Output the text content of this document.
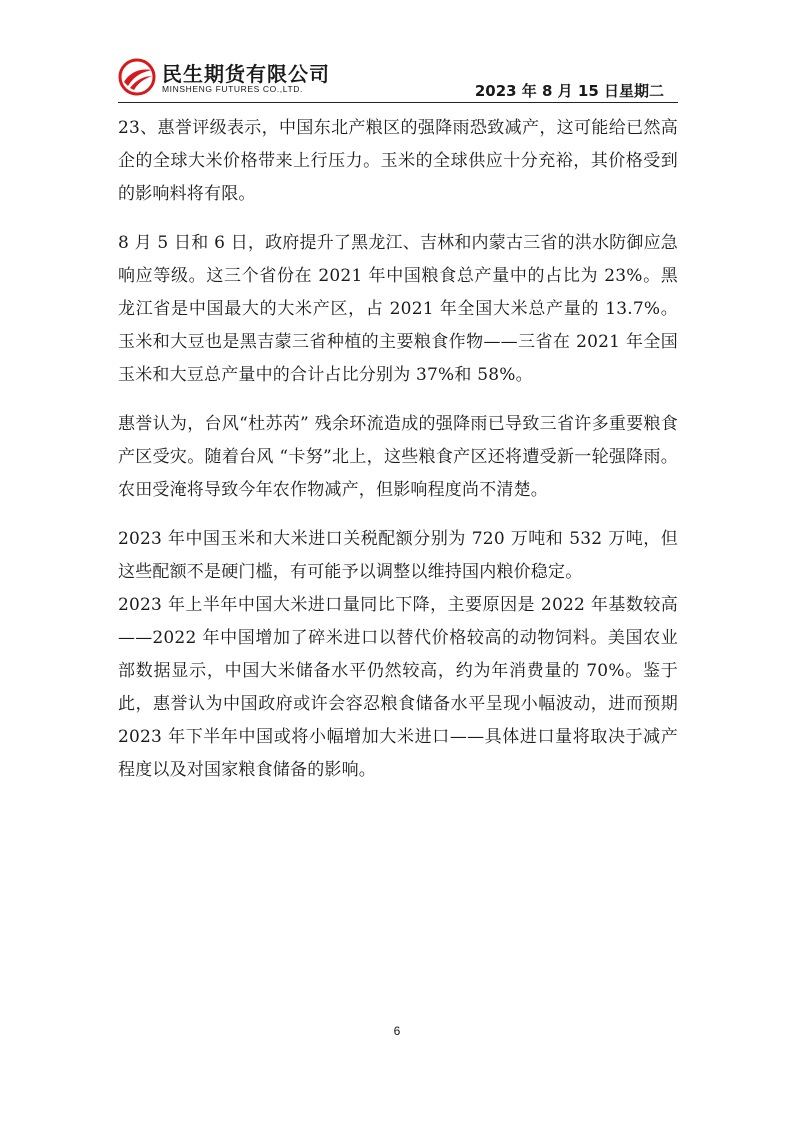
民生期货有限公司
MINSHENG FUTURES CO.,LTD.	2023 年 8 月 15 日星期二

23、惠誉评级表示，中国东北产粮区的强降雨恐致减产，这可能给已然高企的全球大米价格带来上行压力。玉米的全球供应十分充裕，其价格受到的影响料将有限。

8 月 5 日和 6 日，政府提升了黑龙江、吉林和内蒙古三省的洪水防御应急响应等级。这三个省份在 2021 年中国粮食总产量中的占比为 23%。黑龙江省是中国最大的大米产区，占 2021 年全国大米总产量的 13.7%。玉米和大豆也是黑吉蒙三省种植的主要粮食作物——三省在 2021 年全国玉米和大豆总产量中的合计占比分别为 37%和 58%。

惠誉认为，台风“杜苏芮” 残余环流造成的强降雨已导致三省许多重要粮食产区受灾。随着台风 “卡努”北上，这些粮食产区还将遭受新一轮强降雨。农田受淹将导致今年农作物减产，但影响程度尚不清楚。

2023 年中国玉米和大米进口关税配额分别为 720 万吨和 532 万吨，但这些配额不是硬门槛，有可能予以调整以维持国内粮价稳定。

2023 年上半年中国大米进口量同比下降，主要原因是 2022 年基数较高——2022 年中国增加了碎米进口以替代价格较高的动物饲料。美国农业部数据显示，中国大米储备水平仍然较高，约为年消费量的 70%。鉴于此，惠誉认为中国政府或许会容忍粮食储备水平呈现小幅波动，进而预期 2023 年下半年中国或将小幅增加大米进口——具体进口量将取决于减产程度以及对国家粮食储备的影响。

6
